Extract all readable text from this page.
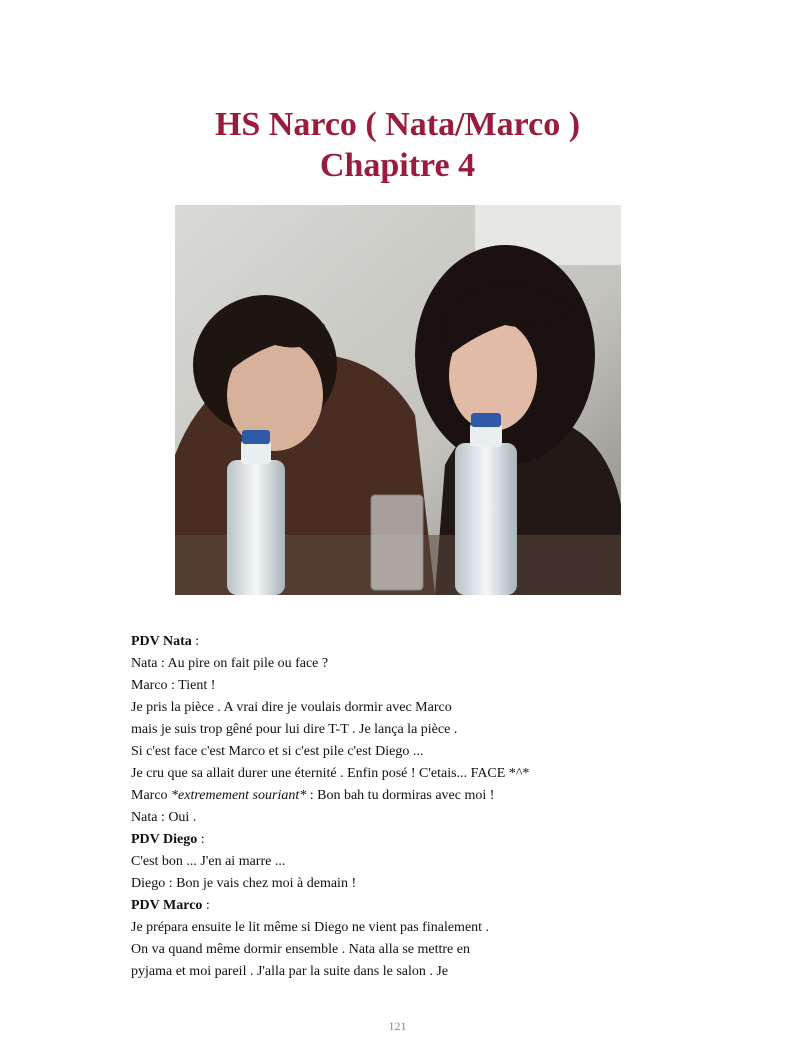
HS Narco ( Nata/Marco )
Chapitre 4
PDV Nata :
Nata : Au pire on fait pile ou face ?
Marco : Tient !
Je pris la pièce . A vrai dire je voulais dormir avec Marco
mais je suis trop gêné pour lui dire T-T . Je lança la pièce .
Si c'est face c'est Marco et si c'est pile c'est Diego ...
Je cru que sa allait durer une éternité . Enfin posé ! C'etais... FACE *^*
Marco *extremement souriant* : Bon bah tu dormiras avec moi !
Nata : Oui .
PDV Diego :
C'est bon ... J'en ai marre ...
Diego : Bon je vais chez moi à demain !
PDV Marco :
Je prépara ensuite le lit même si Diego ne vient pas finalement .
On va quand même dormir ensemble . Nata alla se mettre en
pyjama et moi pareil . J'alla par la suite dans le salon . Je
121
